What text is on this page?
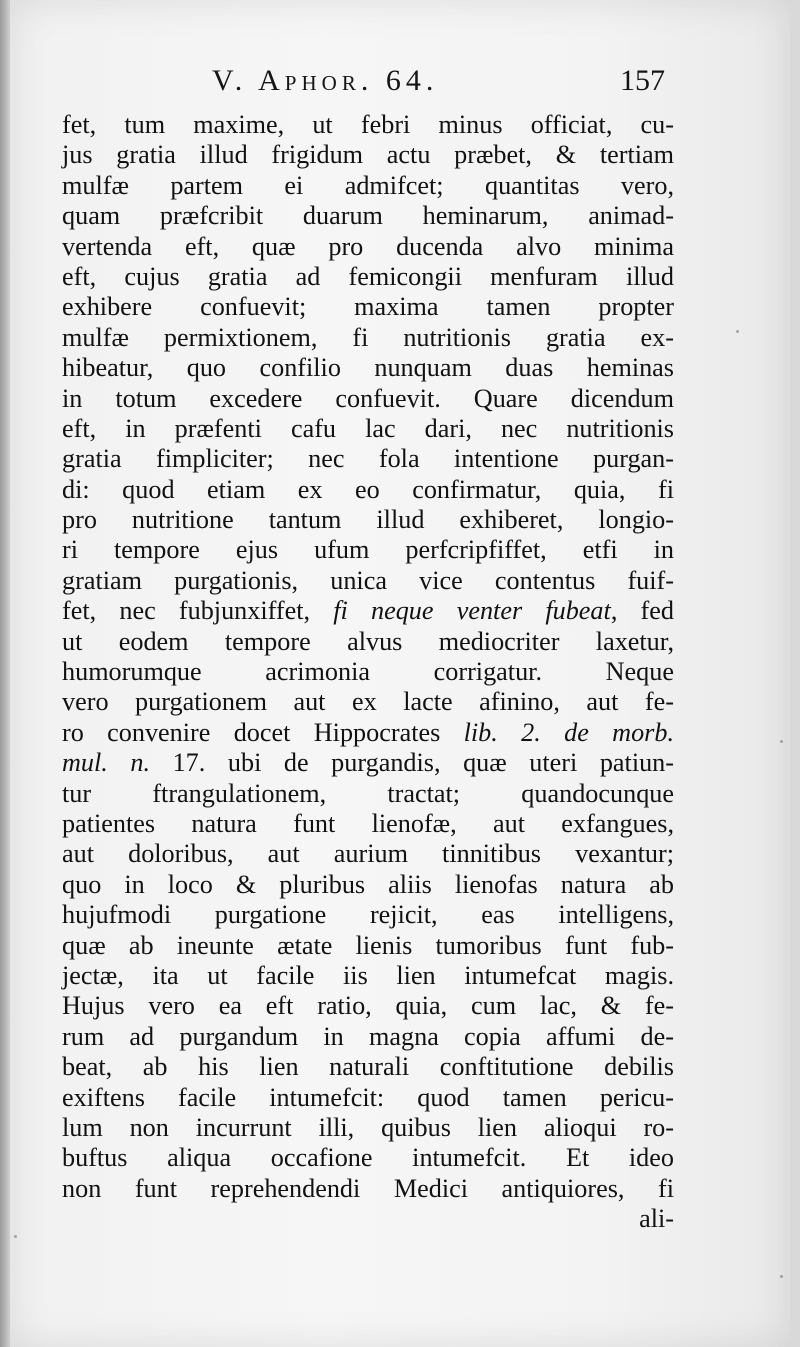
V. Aphor. 64.	157
fet, tum maxime, ut febri minus officiat, cu-
jus gratia illud frigidum actu præbet, & tertiam
mulfæ partem ei admifcet; quantitas vero,
quam præfcribit duarum heminarum, animad-
vertenda eft, quæ pro ducenda alvo minima
eft, cujus gratia ad femicongii menfuram illud
exhibere confuevit; maxima tamen propter
mulfæ permixtionem, fi nutritionis gratia ex-
hibeatur, quo confilio nunquam duas heminas
in totum excedere confuevit. Quare dicendum
eft, in præfenti cafu lac dari, nec nutritionis
gratia fimpliciter; nec fola intentione purgan-
di: quod etiam ex eo confirmatur, quia, fi
pro nutritione tantum illud exhiberet, longio-
ri tempore ejus ufum perfcripfiffet, etfi in
gratiam purgationis, unica vice contentus fuif-
fet, nec fubjunxiffet, fi neque venter fubeat, fed
ut eodem tempore alvus mediocriter laxetur,
humorumque acrimonia corrigatur. Neque
vero purgationem aut ex lacte afinino, aut fe-
ro convenire docet Hippocrates lib. 2. de morb.
mul. n. 17. ubi de purgandis, quæ uteri patiun-
tur ftrangulationem, tractat; quandocunque
patientes natura funt lienofæ, aut exfangues,
aut doloribus, aut aurium tinnitibus vexantur;
quo in loco & pluribus aliis lienofas natura ab
hujufmodi purgatione rejicit, eas intelligens,
quæ ab ineunte ætate lienis tumoribus funt fub-
jectæ, ita ut facile iis lien intumefcat magis.
Hujus vero ea eft ratio, quia, cum lac, & fe-
rum ad purgandum in magna copia affumi de-
beat, ab his lien naturali conftitutione debilis
exiftens facile intumefcit: quod tamen pericu-
lum non incurrunt illi, quibus lien alioqui ro-
buftus aliqua occafione intumefcit. Et ideo
non funt reprehendendi Medici antiquiores, fi
ali-
